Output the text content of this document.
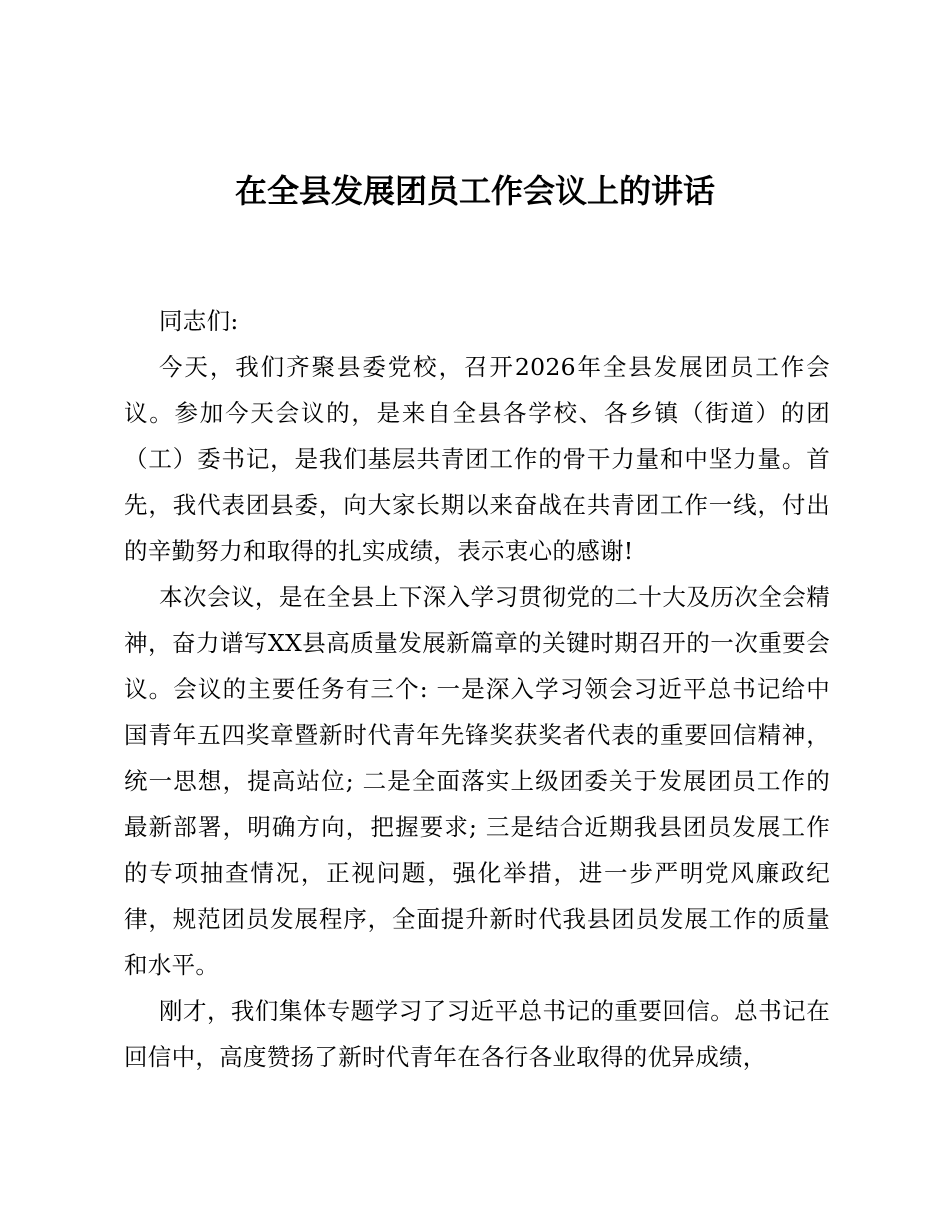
在全县发展团员工作会议上的讲话

同志们:

今天，我们齐聚县委党校，召开2026年全县发展团员工作会议。参加今天会议的，是来自全县各学校、各乡镇（街道）的团（工）委书记，是我们基层共青团工作的骨干力量和中坚力量。首先，我代表团县委，向大家长期以来奋战在共青团工作一线，付出的辛勤努力和取得的扎实成绩，表示衷心的感谢!

本次会议，是在全县上下深入学习贯彻党的二十大及历次全会精神，奋力谱写XX县高质量发展新篇章的关键时期召开的一次重要会议。会议的主要任务有三个: 一是深入学习领会习近平总书记给中国青年五四奖章暨新时代青年先锋奖获奖者代表的重要回信精神，统一思想，提高站位; 二是全面落实上级团委关于发展团员工作的最新部署，明确方向，把握要求; 三是结合近期我县团员发展工作的专项抽查情况，正视问题，强化举措，进一步严明党风廉政纪律，规范团员发展程序，全面提升新时代我县团员发展工作的质量和水平。

刚才，我们集体专题学习了习近平总书记的重要回信。总书记在回信中，高度赞扬了新时代青年在各行各业取得的优异成绩，
